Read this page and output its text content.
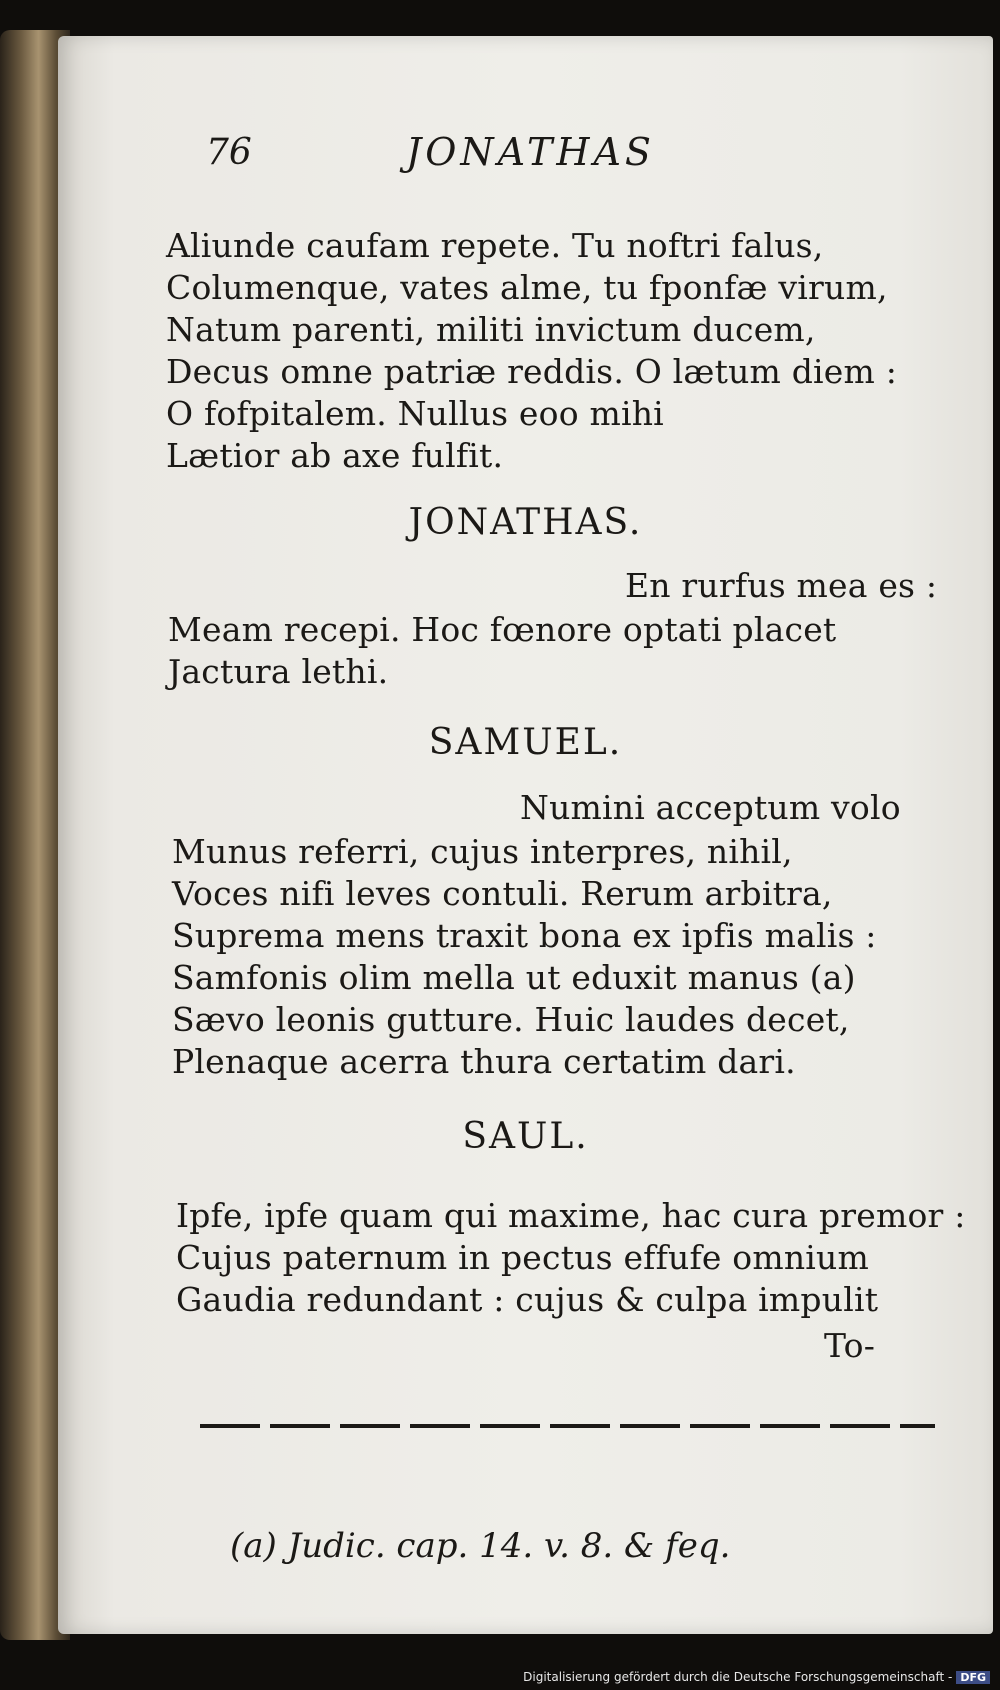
76	JONATHAS
Aliunde caufam repete. Tu noftri falus,
Columenque, vates alme, tu fponfæ virum,
Natum parenti, militi invictum ducem,
Decus omne patriæ reddis. O lætum diem :
O fofpitalem. Nullus eoo mihi
Lætior ab axe fulfit.
JONATHAS.
En rurfus mea es :
Meam recepi. Hoc fœnore optati placet
Jactura lethi.
SAMUEL.
Numini acceptum volo
Munus referri, cujus interpres, nihil,
Voces nifi leves contuli. Rerum arbitra,
Suprema mens traxit bona ex ipfis malis :
Samfonis olim mella ut eduxit manus (a)
Sævo leonis gutture. Huic laudes decet,
Plenaque acerra thura certatim dari.
SAUL.
Ipfe, ipfe quam qui maxime, hac cura premor :
Cujus paternum in pectus effufe omnium
Gaudia redundant : cujus & culpa impulit
To-
(a) Judic. cap. 14. v. 8. & feq.
Digitalisierung gefördert durch die Deutsche Forschungsgemeinschaft - DFG
